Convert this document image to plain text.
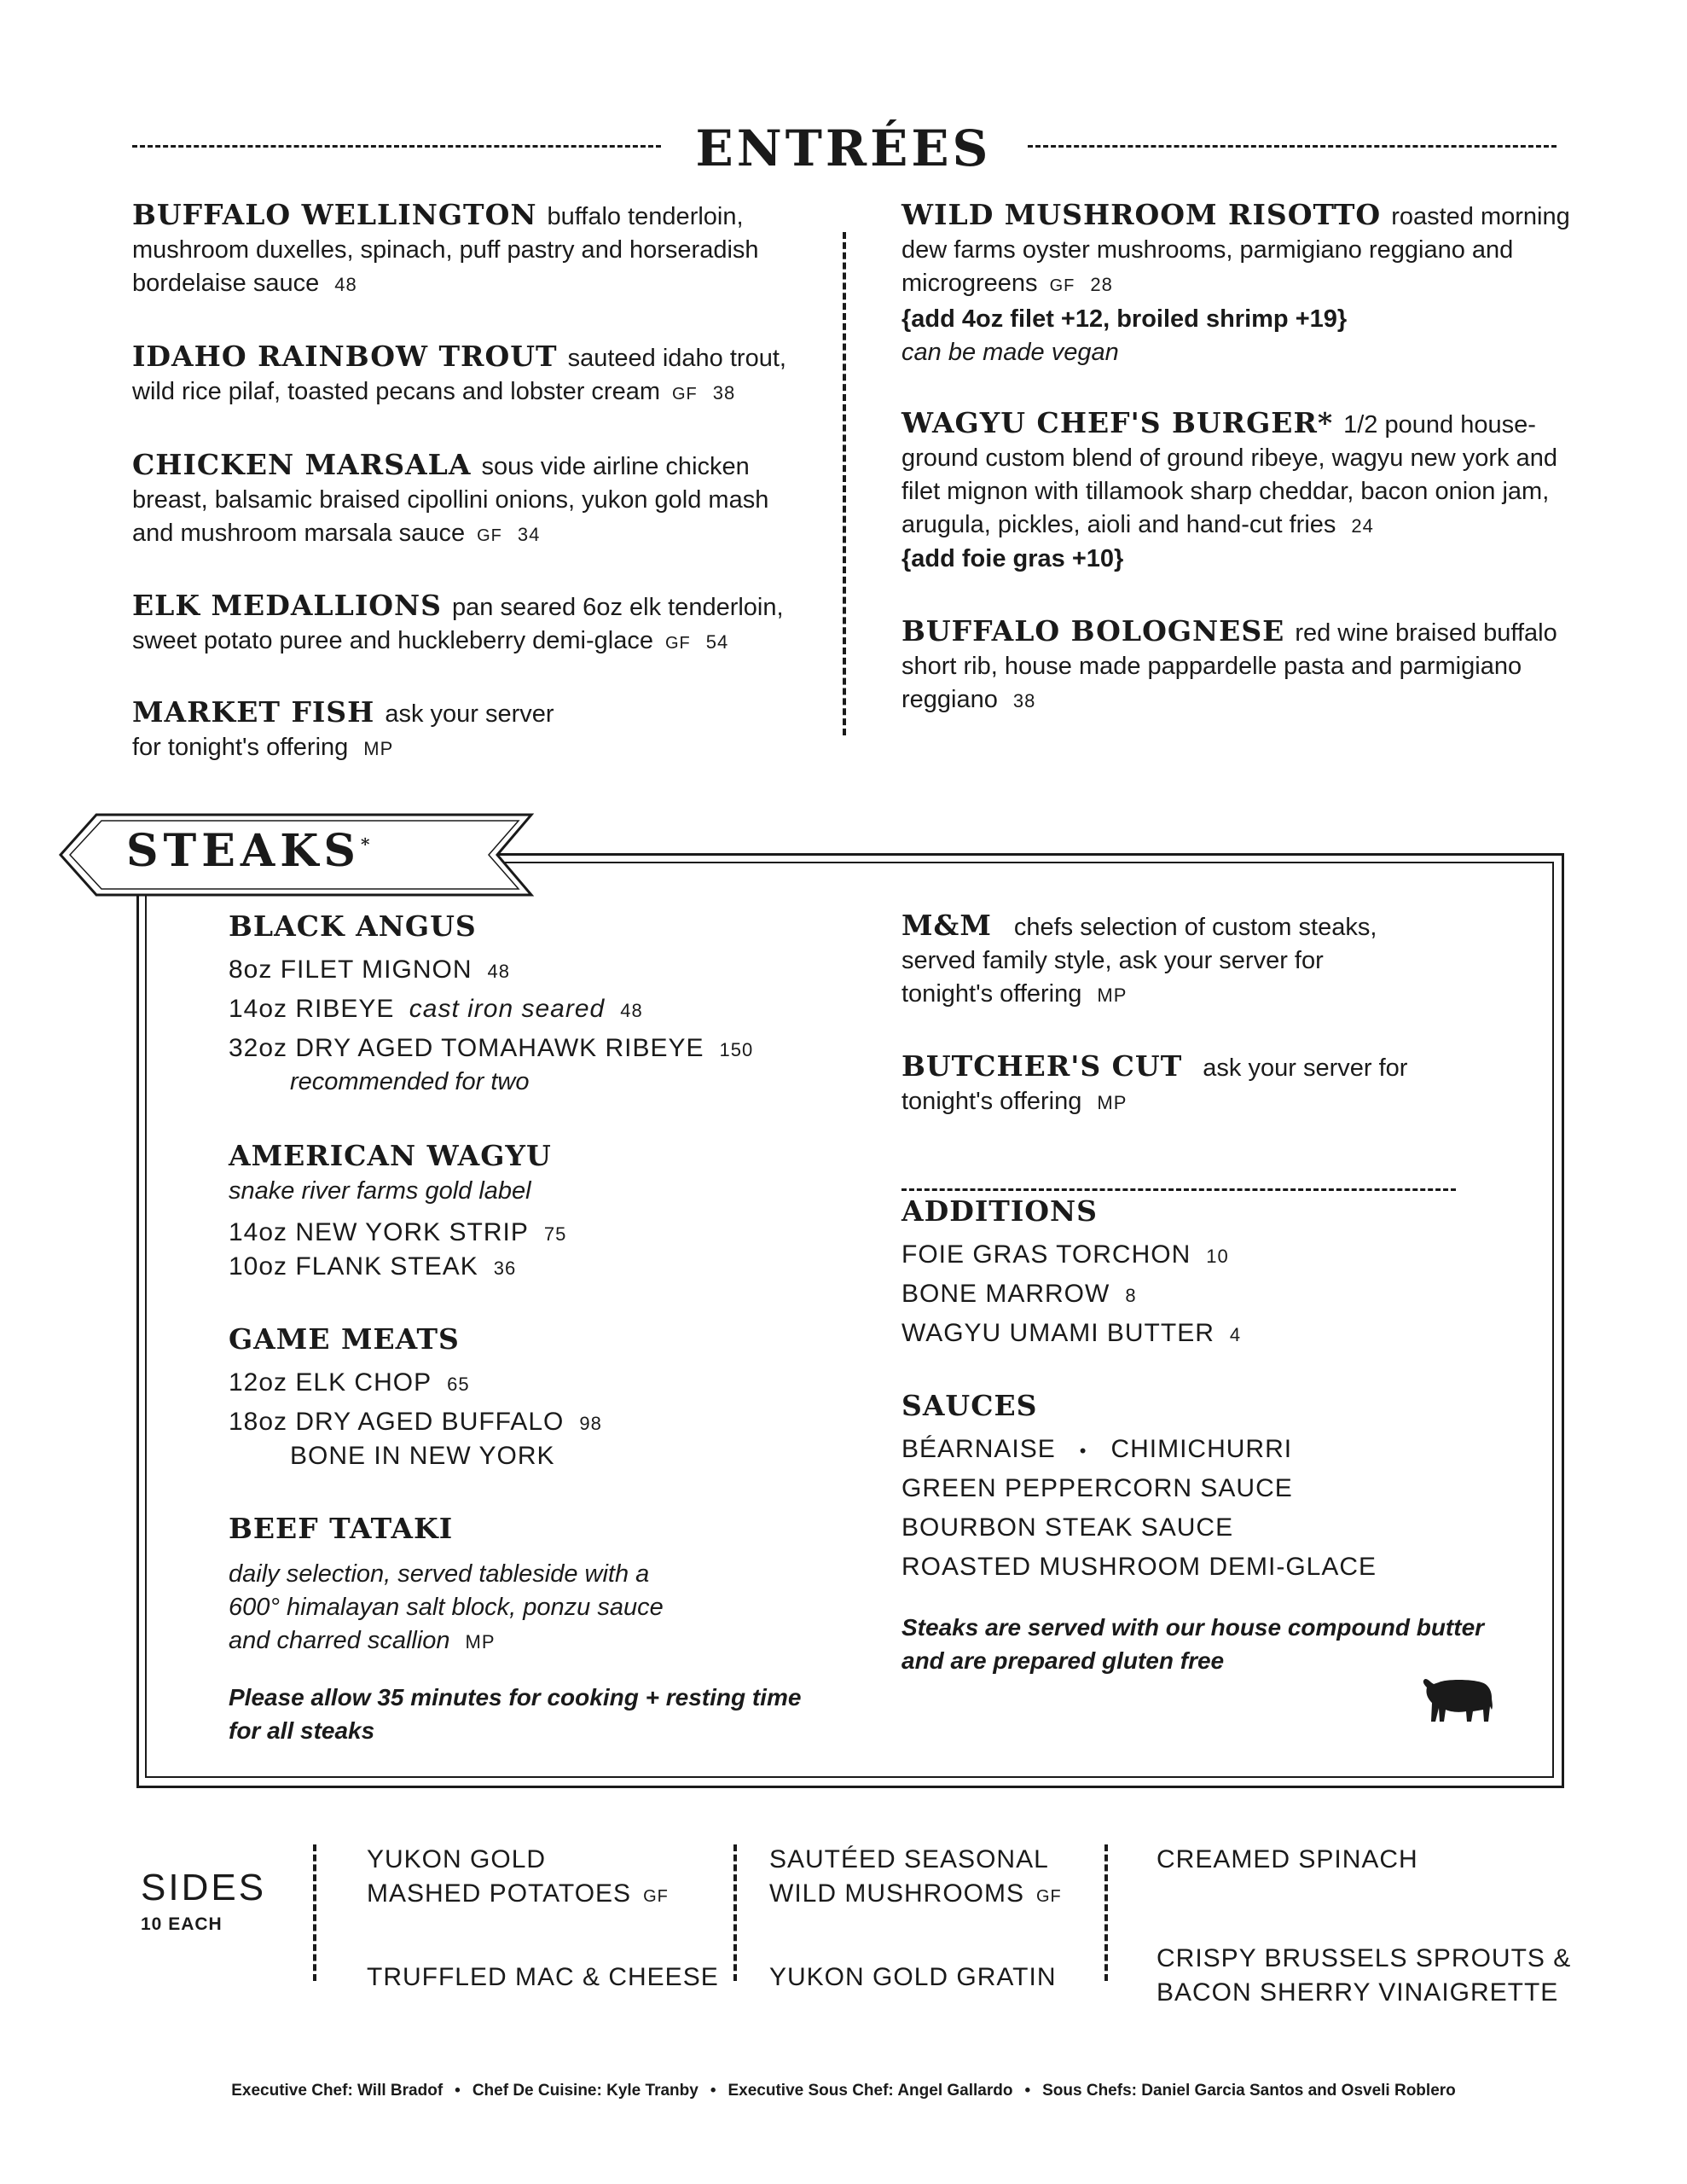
ENTRÉES
BUFFALO WELLINGTON buffalo tenderloin, mushroom duxelles, spinach, puff pastry and horseradish bordelaise sauce 48
IDAHO RAINBOW TROUT sauteed idaho trout, wild rice pilaf, toasted pecans and lobster cream GF 38
CHICKEN MARSALA sous vide airline chicken breast, balsamic braised cipollini onions, yukon gold mash and mushroom marsala sauce GF 34
ELK MEDALLIONS pan seared 6oz elk tenderloin, sweet potato puree and huckleberry demi-glace GF 54
MARKET FISH ask your server for tonight's offering MP
WILD MUSHROOM RISOTTO roasted morning dew farms oyster mushrooms, parmigiano reggiano and microgreens GF 28
{add 4oz filet +12, broiled shrimp +19}
can be made vegan
WAGYU CHEF'S BURGER* 1/2 pound house-ground custom blend of ground ribeye, wagyu new york and filet mignon with tillamook sharp cheddar, bacon onion jam, arugula, pickles, aioli and hand-cut fries 24
{add foie gras +10}
BUFFALO BOLOGNESE red wine braised buffalo short rib, house made pappardelle pasta and parmigiano reggiano 38
STEAKS*
BLACK ANGUS
8oz FILET MIGNON 48
14oz RIBEYE cast iron seared 48
32oz DRY AGED TOMAHAWK RIBEYE 150
recommended for two
AMERICAN WAGYU
snake river farms gold label
14oz NEW YORK STRIP 75
10oz FLANK STEAK 36
GAME MEATS
12oz ELK CHOP 65
18oz DRY AGED BUFFALO 98
BONE IN NEW YORK
BEEF TATAKI
daily selection, served tableside with a
600° himalayan salt block, ponzu sauce
and charred scallion MP
Please allow 35 minutes for cooking + resting time
for all steaks
M&M chefs selection of custom steaks,
served family style, ask your server for
tonight's offering MP
BUTCHER'S CUT ask your server for
tonight's offering MP
ADDITIONS
FOIE GRAS TORCHON 10
BONE MARROW 8
WAGYU UMAMI BUTTER 4
SAUCES
BÉARNAISE • CHIMICHURRI
GREEN PEPPERCORN SAUCE
BOURBON STEAK SAUCE
ROASTED MUSHROOM DEMI-GLACE
Steaks are served with our house compound butter
and are prepared gluten free
SIDES
10 EACH
YUKON GOLD
MASHED POTATOES GF
TRUFFLED MAC & CHEESE
SAUTÉED SEASONAL
WILD MUSHROOMS GF
YUKON GOLD GRATIN
CREAMED SPINACH
CRISPY BRUSSELS SPROUTS &
BACON SHERRY VINAIGRETTE
Executive Chef: Will Bradof • Chef De Cuisine: Kyle Tranby • Executive Sous Chef: Angel Gallardo • Sous Chefs: Daniel Garcia Santos and Osveli Roblero
